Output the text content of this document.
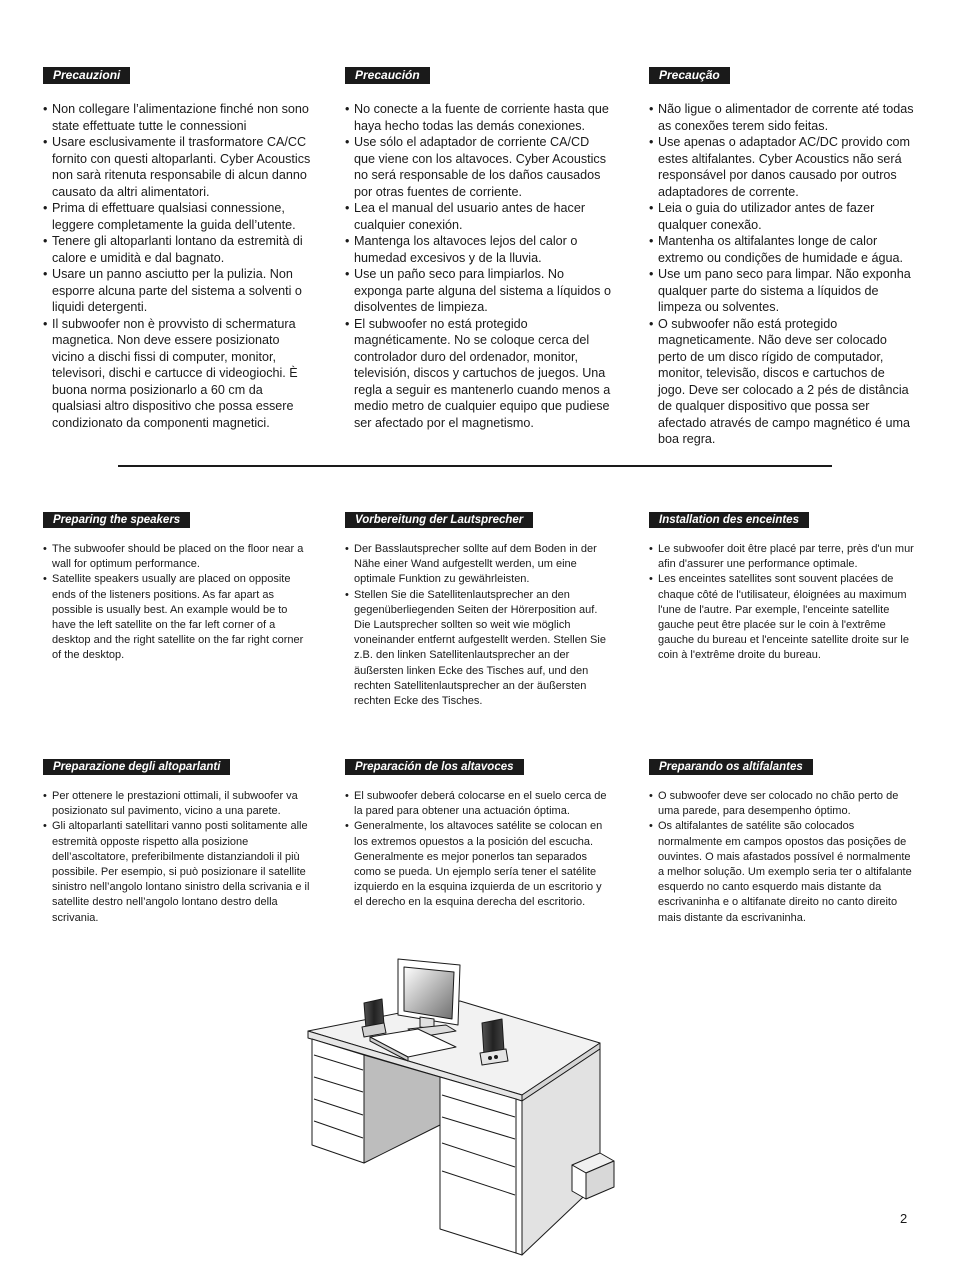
Precauzioni
• Non collegare l’alimentazione finché non sono state effettuate tutte le connessioni
• Usare esclusivamente il trasformatore CA/CC fornito con questi altoparlanti. Cyber Acoustics non sarà ritenuta responsabile di alcun danno causato da altri alimentatori.
• Prima di effettuare qualsiasi connessione, leggere completamente la guida dell’utente.
• Tenere gli altoparlanti lontano da estremità di calore e umidità e dal bagnato.
• Usare un panno asciutto per la pulizia. Non esporre alcuna parte del sistema a solventi o liquidi detergenti.
• Il subwoofer non è provvisto di schermatura magnetica. Non deve essere posizionato vicino a dischi fissi di computer, monitor, televisori, dischi e cartucce di videogiochi. È buona norma posizionarlo a 60 cm da qualsiasi altro dispositivo che possa essere condizionato da componenti magnetici.
Precaución
• No conecte a la fuente de corriente hasta que haya hecho todas las demás conexiones.
• Use sólo el adaptador de corriente CA/CD que viene con los altavoces. Cyber Acoustics no será responsable de los daños causados por otras fuentes de corriente.
• Lea el manual del usuario antes de hacer cualquier conexión.
• Mantenga los altavoces lejos del calor o humedad excesivos y de la lluvia.
• Use un paño seco para limpiarlos. No exponga parte alguna del sistema a líquidos o disolventes de limpieza.
• El subwoofer no está protegido magnéticamente. No se coloque cerca del controlador duro del ordenador, monitor, televisión, discos y cartuchos de juegos. Una regla a seguir es mantenerlo cuando menos a medio metro de cualquier equipo que pudiese ser afectado por el magnetismo.
Precaução
• Não ligue o alimentador de corrente até todas as conexões terem sido feitas.
• Use apenas o adaptador AC/DC provido com estes altifalantes. Cyber Acoustics não será responsável por danos causado por outros adaptadores de corrente.
• Leia o guia do utilizador antes de fazer qualquer conexão.
• Mantenha os altifalantes longe de calor extremo ou condições de humidade e água.
• Use um pano seco para limpar. Não exponha qualquer parte do sistema a líquidos de limpeza ou solventes.
• O subwoofer não está protegido magneticamente. Não deve ser colocado perto de um disco rígido de computador, monitor, televisão, discos e cartuchos de jogo. Deve ser colocado a 2 pés de distância de qualquer dispositivo que possa ser afectado através de campo magnético é uma boa regra.
Preparing the speakers
• The subwoofer should be placed on the floor near a wall for optimum performance.
• Satellite speakers usually are placed on opposite ends of the listeners positions. As far apart as possible is usually best. An example would be to have the left satellite on the far left corner of a desktop and the right satellite on the far right corner of the desktop.
Vorbereitung der Lautsprecher
• Der Basslautsprecher sollte auf dem Boden in der Nähe einer Wand aufgestellt werden, um eine optimale Funktion zu gewährleisten.
• Stellen Sie die Satellitenlautsprecher an den gegenüberliegenden Seiten der Hörerposition auf. Die Lautsprecher sollten so weit wie möglich voneinander entfernt aufgestellt werden. Stellen Sie z.B. den linken Satellitenlautsprecher an der äußersten linken Ecke des Tisches auf, und den rechten Satellitenlautsprecher an der äußersten rechten Ecke des Tisches.
Installation des enceintes
• Le subwoofer doit être placé par terre, près d'un mur afin d'assurer une performance optimale.
• Les enceintes satellites sont souvent placées de chaque côté de l'utilisateur, éloignées au maximum l'une de l'autre. Par exemple, l'enceinte satellite gauche peut être placée sur le coin à l'extrême gauche du bureau et l'enceinte satellite droite sur le coin à l'extrême droite du bureau.
Preparazione degli altoparlanti
• Per ottenere le prestazioni ottimali, il subwoofer va posizionato sul pavimento, vicino a una parete.
• Gli altoparlanti satellitari vanno posti solitamente alle estremità opposte rispetto alla posizione dell’ascoltatore, preferibilmente distanziandoli il più possibile. Per esempio, si può posizionare il satellite sinistro nell’angolo lontano sinistro della scrivania e il satellite destro nell’angolo lontano destro della scrivania.
Preparación de los altavoces
• El subwoofer deberá colocarse en el suelo cerca de la pared para obtener una actuación óptima.
• Generalmente, los altavoces satélite se colocan en los extremos opuestos a la posición del escucha. Generalmente es mejor ponerlos tan separados como se pueda. Un ejemplo sería tener el satélite izquierdo en la esquina izquierda de un escritorio y el derecho en la esquina derecha del escritorio.
Preparando os altifalantes
• O subwoofer deve ser colocado no chão perto de uma parede, para desempenho óptimo.
• Os altifalantes de satélite são colocados normalmente em campos opostos das posições de ouvintes. O mais afastados possível é normalmente a melhor solução. Um exemplo seria ter o altifalante esquerdo no canto esquerdo mais distante da escrivaninha e o altifanate direito no canto direito mais distante da escrivaninha.
2
